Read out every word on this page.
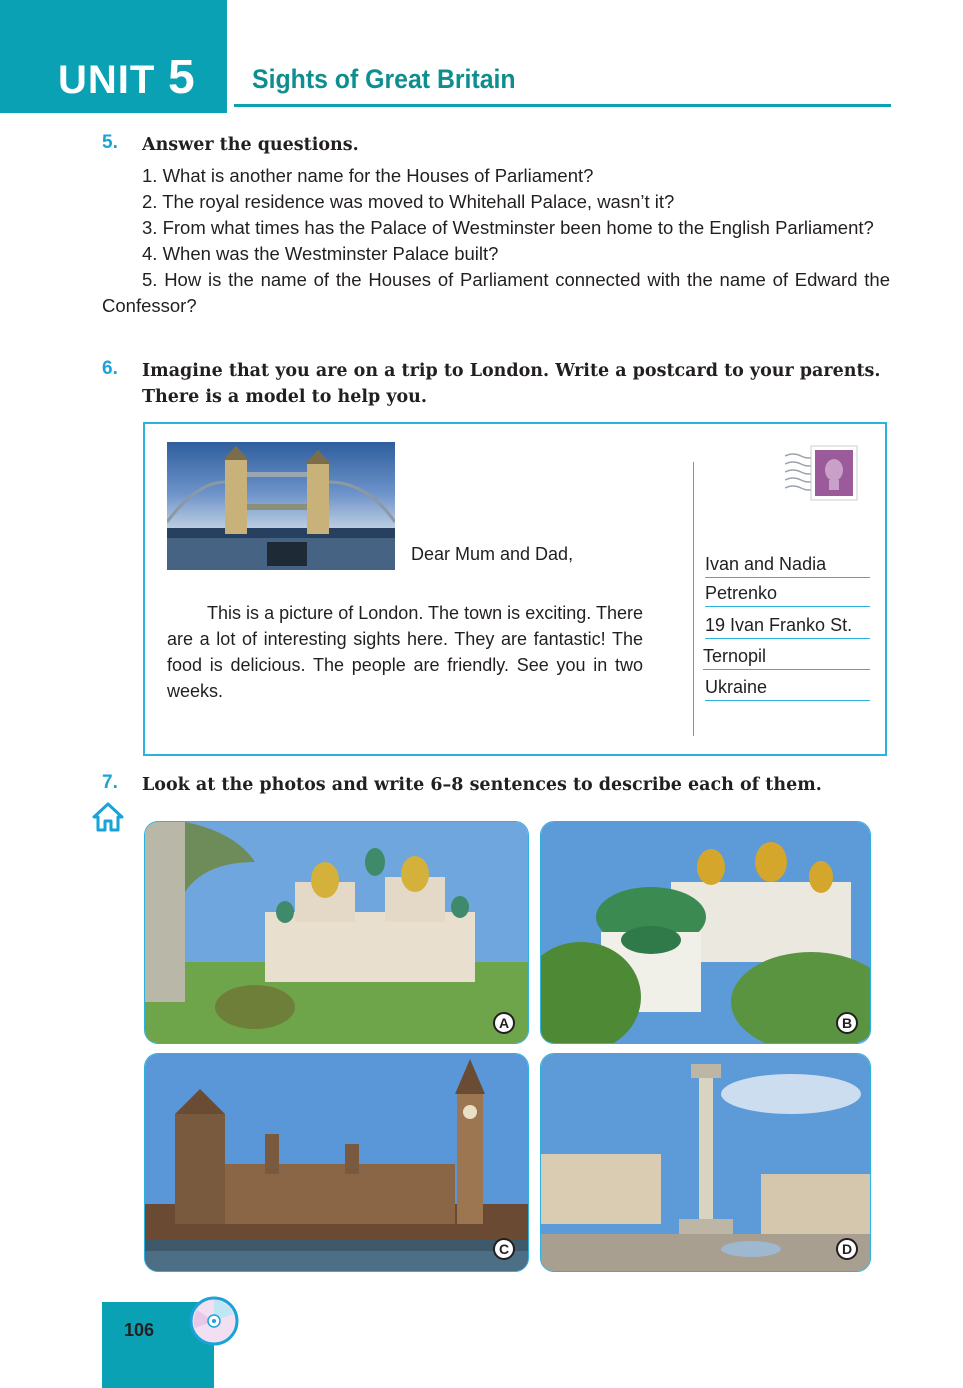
UNIT 5 Sights of Great Britain
5. Answer the questions.

1. What is another name for the Houses of Parliament?

2. The royal residence was moved to Whitehall Palace, wasn’t it?

3. From what times has the Palace of Westminster been home to the English Parliament?

4. When was the Westminster Palace built?

5. How is the name of the Houses of Parliament connected with the name of Edward the Confessor?

6. Imagine that you are on a trip to London. Write a postcard to your parents. There is a model to help you.
Dear Mum and Dad,

This is a picture of London. The town is exciting. There are a lot of interesting sights here. They are fantastic! The food is delicious. The people are friendly. See you in two weeks.

Ivan and Nadia
Petrenko
19 Ivan Franko St.
Ternopil
Ukraine
7. Look at the photos and write 6–8 sentences to describe each of them.
A	B
C	D
106
